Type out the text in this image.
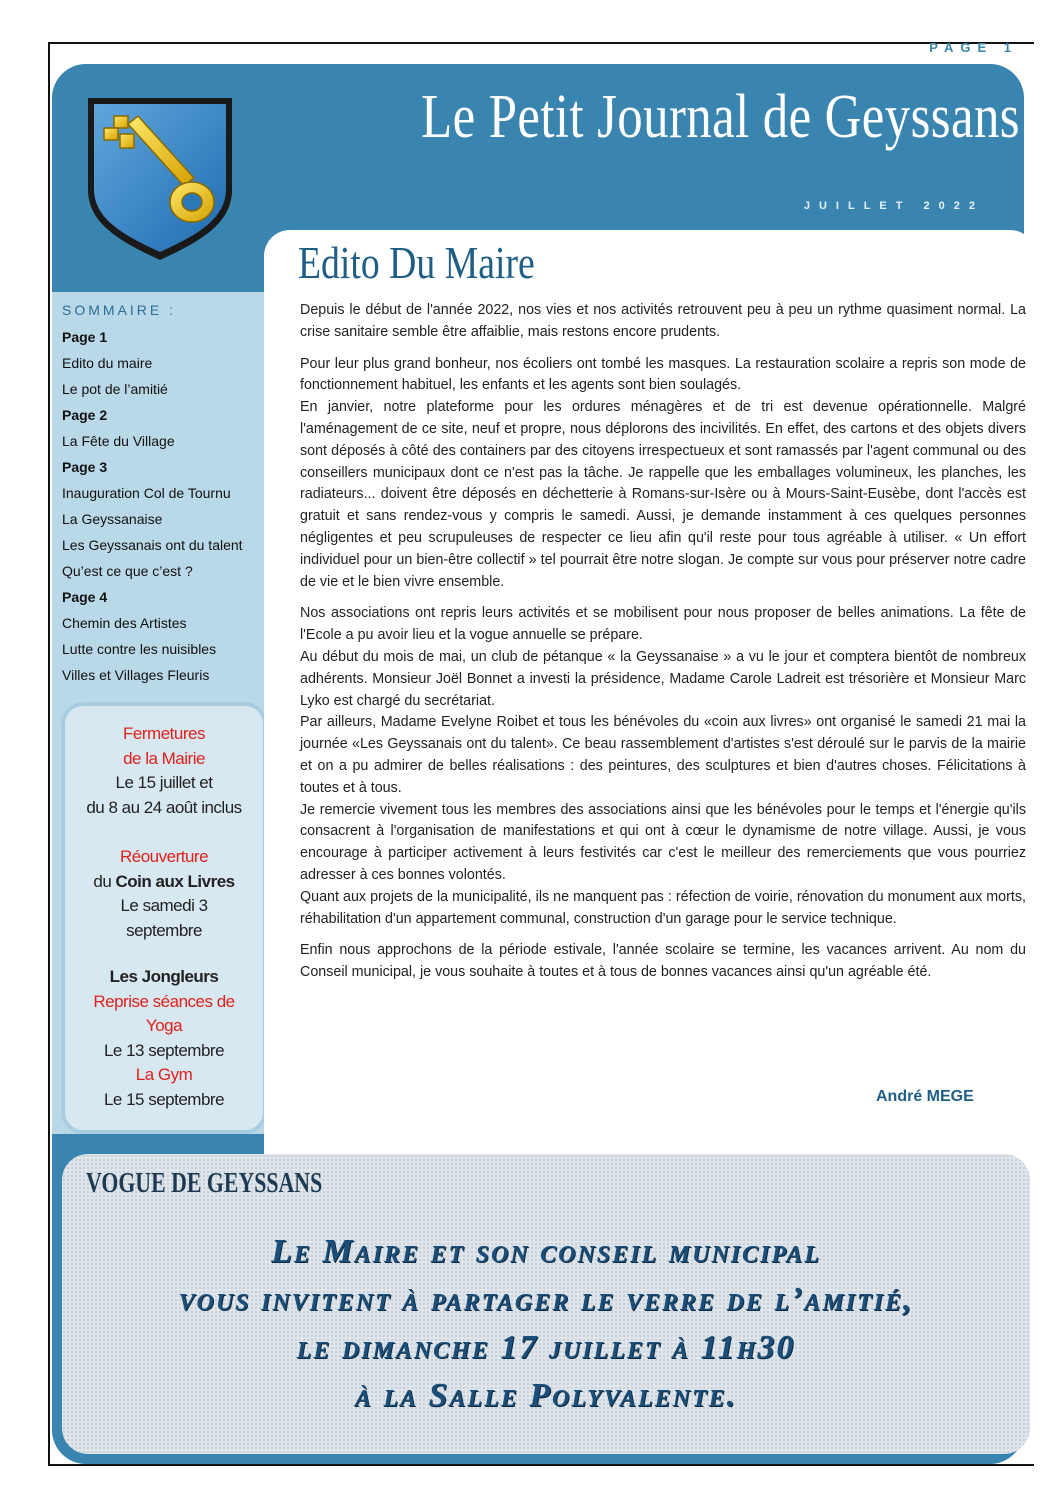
PAGE 1
Le Petit Journal de Geyssans
JUILLET 2022
SOMMAIRE :
Page 1
Edito du maire
Le pot de l’amitié
Page 2
La Fête du Village
Page 3
Inauguration Col de Tournu
La Geyssanaise
Les Geyssanais ont du talent
Qu’est ce que c’est ?
Page 4
Chemin des Artistes
Lutte contre les nuisibles
Villes et Villages Fleuris

Fermetures

de la Mairie

Le 15 juillet et

du 8 au 24 août inclus

Réouverture

du Coin aux Livres

Le samedi 3

septembre

Les Jongleurs

Reprise séances de

Yoga

Le 13 septembre

La Gym

Le 15 septembre

Edito Du Maire

Depuis le début de l'année 2022, nos vies et nos activités retrouvent peu à peu un rythme quasiment normal. La crise sanitaire semble être affaiblie, mais restons encore prudents.

Pour leur plus grand bonheur, nos écoliers ont tombé les masques. La restauration scolaire a repris son mode de fonctionnement habituel, les enfants et les agents sont bien soulagés.

En janvier, notre plateforme pour les ordures ménagères et de tri est devenue opérationnelle. Malgré l'aménagement de ce site, neuf et propre, nous déplorons des incivilités. En effet, des cartons et des objets divers sont déposés à côté des containers par des citoyens irrespectueux et sont ramassés par l'agent communal ou des conseillers municipaux dont ce n'est pas la tâche. Je rappelle que les emballages volumineux, les planches, les radiateurs... doivent être déposés en déchetterie à Romans-sur-Isère ou à Mours-Saint-Eusèbe, dont l'accès est gratuit et sans rendez-vous y compris le samedi. Aussi, je demande instamment à ces quelques personnes négligentes et peu scrupuleuses de respecter ce lieu afin qu'il reste pour tous agréable à utiliser. « Un effort individuel pour un bien-être collectif » tel pourrait être notre slogan. Je compte sur vous pour préserver notre cadre de vie et le bien vivre ensemble.

Nos associations ont repris leurs activités et se mobilisent pour nous proposer de belles animations. La fête de l'Ecole a pu avoir lieu et la vogue annuelle se prépare.

Au début du mois de mai, un club de pétanque « la Geyssanaise » a vu le jour et comptera bientôt de nombreux adhérents. Monsieur Joël Bonnet a investi la présidence, Madame Carole Ladreit est trésorière et Monsieur Marc Lyko est chargé du secrétariat.

Par ailleurs, Madame Evelyne Roibet et tous les bénévoles du «coin aux livres» ont organisé le samedi 21 mai la journée «Les Geyssanais ont du talent». Ce beau rassemblement d'artistes s'est déroulé sur le parvis de la mairie et on a pu admirer de belles réalisations : des peintures, des sculptures et bien d'autres choses. Félicitations à toutes et à tous.

Je remercie vivement tous les membres des associations ainsi que les bénévoles pour le temps et l'énergie qu'ils consacrent à l'organisation de manifestations et qui ont à cœur le dynamisme de notre village. Aussi, je vous encourage à participer activement à leurs festivités car c'est le meilleur des remerciements que vous pourriez adresser à ces bonnes volontés.

Quant aux projets de la municipalité, ils ne manquent pas : réfection de voirie, rénovation du monument aux morts, réhabilitation d'un appartement communal, construction d'un garage pour le service technique.

Enfin nous approchons de la période estivale, l'année scolaire se termine, les vacances arrivent. Au nom du Conseil municipal, je vous souhaite à toutes et à tous de bonnes vacances ainsi qu'un agréable été.

André MEGE
VOGUE DE GEYSSANS

Le Maire et son conseil municipal

vous invitent à partager le verre de l’amitié,

le dimanche 17 juillet à 11h30

à la Salle Polyvalente.
